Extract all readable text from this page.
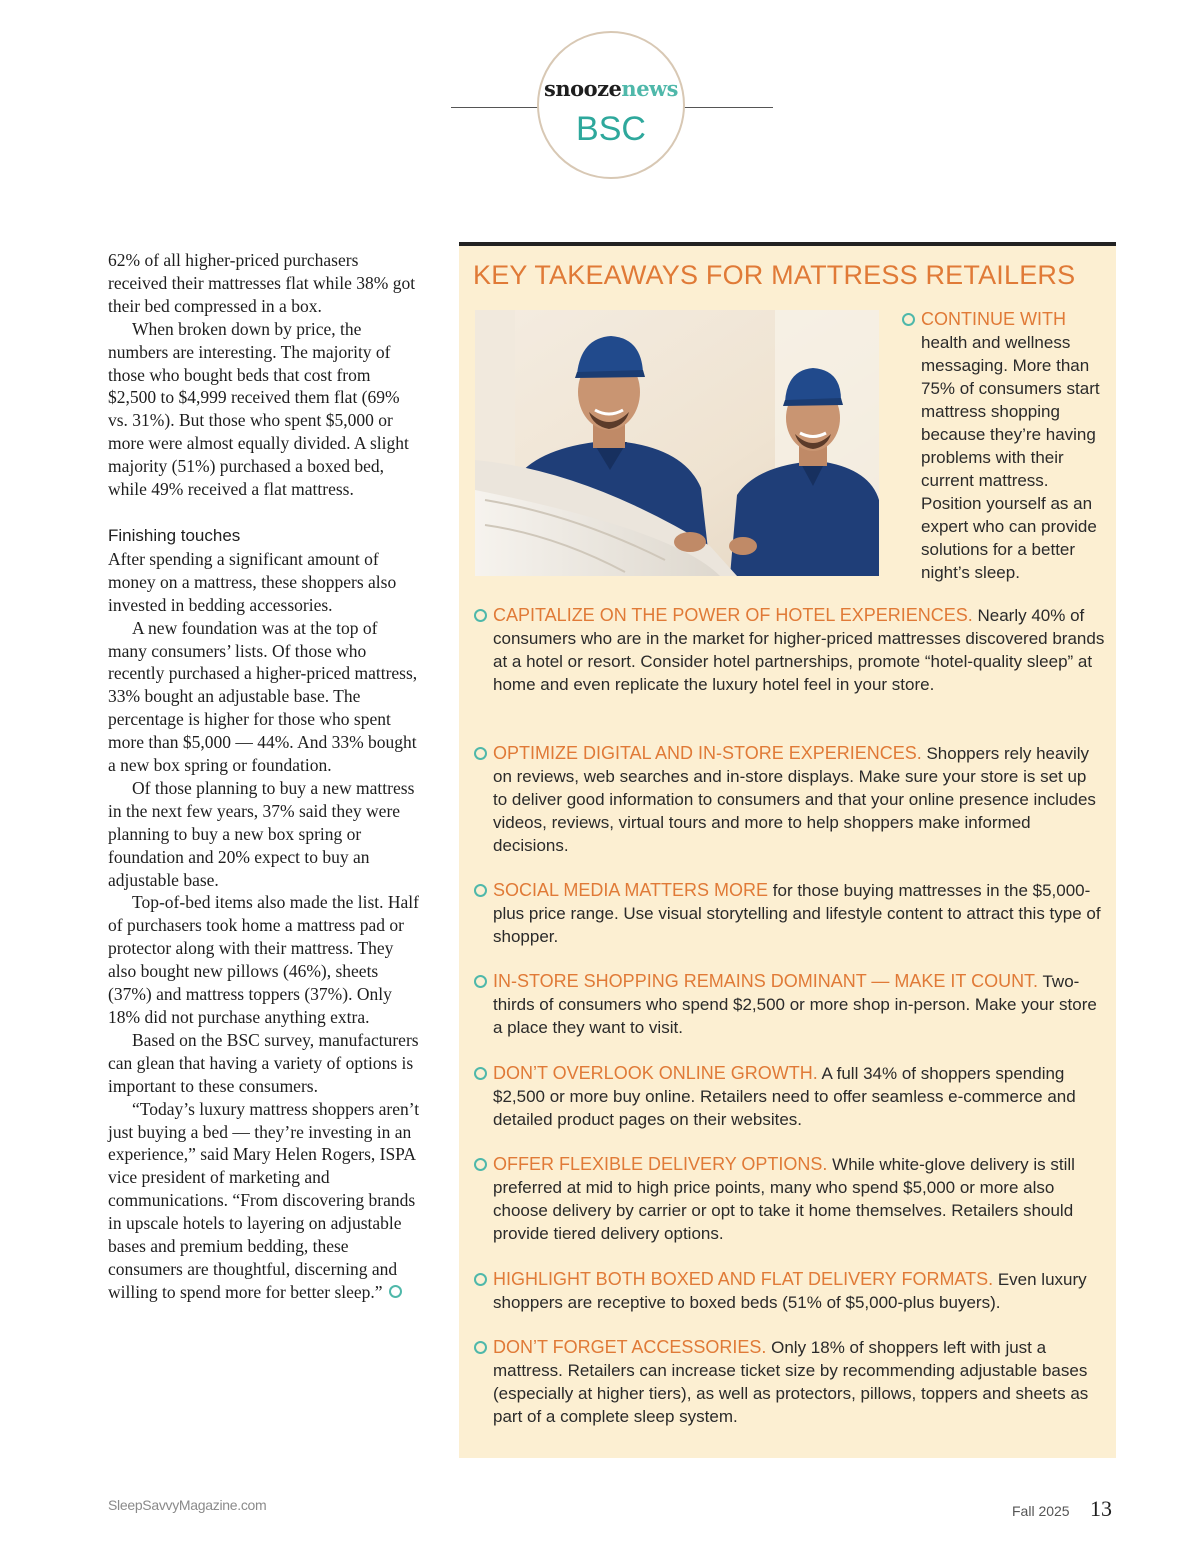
snoozenews
BSC

62% of all higher-priced purchasers received their mattresses flat while 38% got their bed compressed in a box.

When broken down by price, the numbers are interesting. The majority of those who bought beds that cost from $2,500 to $4,999 received them flat (69% vs. 31%). But those who spent $5,000 or more were almost equally divided. A slight majority (51%) purchased a boxed bed, while 49% received a flat mattress.

Finishing touches

After spending a significant amount of money on a mattress, these shoppers also invested in bedding accessories.

A new foundation was at the top of many consumers’ lists. Of those who recently purchased a higher-priced mattress, 33% bought an adjustable base. The percentage is higher for those who spent more than $5,000 — 44%. And 33% bought a new box spring or foundation.

Of those planning to buy a new mattress in the next few years, 37% said they were planning to buy a new box spring or foundation and 20% expect to buy an adjustable base.

Top-of-bed items also made the list. Half of purchasers took home a mattress pad or protector along with their mattress. They also bought new pillows (46%), sheets (37%) and mattress toppers (37%). Only 18% did not purchase anything extra.

Based on the BSC survey, manufacturers can glean that having a variety of options is important to these consumers.

“Today’s luxury mattress shoppers aren’t just buying a bed — they’re investing in an experience,” said Mary Helen Rogers, ISPA vice president of marketing and communications. “From discovering brands in upscale hotels to layering on adjustable bases and premium bedding, these consumers are thoughtful, discerning and willing to spend more for better sleep.”

KEY TAKEAWAYS FOR MATTRESS RETAILERS
CONTINUE WITH
health and wellness messaging. More than 75% of consumers start mattress shopping because they’re having problems with their current mattress. Position yourself as an expert who can provide solutions for a better night’s sleep.
CAPITALIZE ON THE POWER OF HOTEL EXPERIENCES. Nearly 40% of consumers who are in the market for higher-priced mattresses discovered brands at a hotel or resort. Consider hotel partnerships, promote “hotel-quality sleep” at home and even replicate the luxury hotel feel in your store.
OPTIMIZE DIGITAL AND IN-STORE EXPERIENCES. Shoppers rely heavily on reviews, web searches and in-store displays. Make sure your store is set up to deliver good information to consumers and that your online presence includes videos, reviews, virtual tours and more to help shoppers make informed decisions.
SOCIAL MEDIA MATTERS MORE for those buying mattresses in the $5,000-plus price range. Use visual storytelling and lifestyle content to attract this type of shopper.
IN-STORE SHOPPING REMAINS DOMINANT — MAKE IT COUNT. Two-thirds of consumers who spend $2,500 or more shop in-person. Make your store a place they want to visit.
DON’T OVERLOOK ONLINE GROWTH. A full 34% of shoppers spending $2,500 or more buy online. Retailers need to offer seamless e-commerce and detailed product pages on their websites.
OFFER FLEXIBLE DELIVERY OPTIONS. While white-glove delivery is still preferred at mid to high price points, many who spend $5,000 or more also choose delivery by carrier or opt to take it home themselves. Retailers should provide tiered delivery options.
HIGHLIGHT BOTH BOXED AND FLAT DELIVERY FORMATS. Even luxury shoppers are receptive to boxed beds (51% of $5,000-plus buyers).
DON’T FORGET ACCESSORIES. Only 18% of shoppers left with just a mattress. Retailers can increase ticket size by recommending adjustable bases (especially at higher tiers), as well as protectors, pillows, toppers and sheets as part of a complete sleep system.
SleepSavvyMagazine.com	Fall 2025 13
